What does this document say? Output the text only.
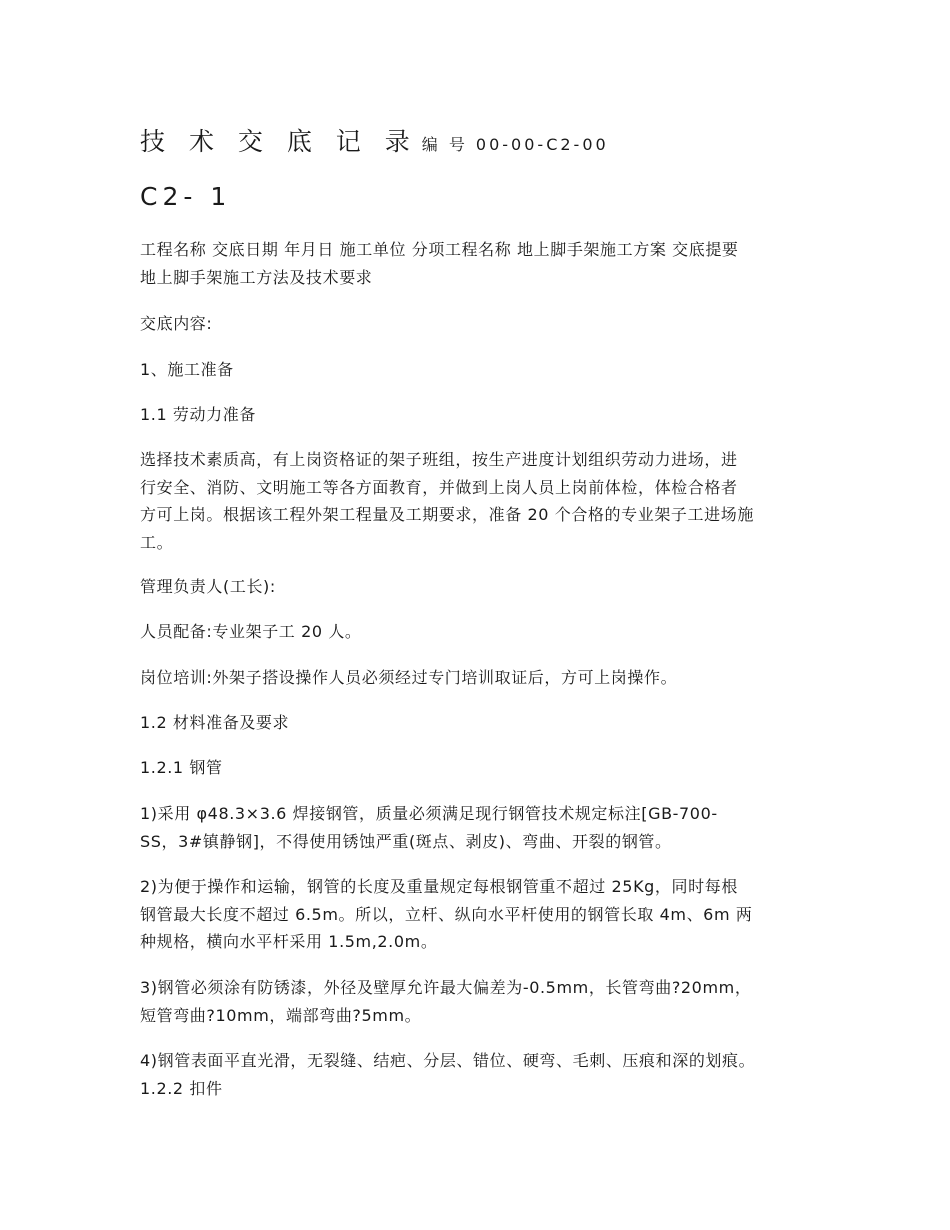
技 术 交 底 记 录 编 号 00-00-C2-00
C2- 1

工程名称 交底日期 年月日 施工单位 分项工程名称 地上脚手架施工方案 交底提要
地上脚手架施工方法及技术要求

交底内容:

1、施工准备

1.1 劳动力准备

选择技术素质高，有上岗资格证的架子班组，按生产进度计划组织劳动力进场，进
行安全、消防、文明施工等各方面教育，并做到上岗人员上岗前体检，体检合格者
方可上岗。根据该工程外架工程量及工期要求，准备 20 个合格的专业架子工进场施
工。

管理负责人(工长):

人员配备:专业架子工 20 人。

岗位培训:外架子搭设操作人员必须经过专门培训取证后，方可上岗操作。

1.2 材料准备及要求

1.2.1 钢管

1)采用 φ48.3×3.6 焊接钢管，质量必须满足现行钢管技术规定标注[GB-700-
SS，3#镇静钢]，不得使用锈蚀严重(斑点、剥皮)、弯曲、开裂的钢管。

2)为便于操作和运输，钢管的长度及重量规定每根钢管重不超过 25Kg，同时每根
钢管最大长度不超过 6.5m。所以，立杆、纵向水平杆使用的钢管长取 4m、6m 两
种规格，横向水平杆采用 1.5m,2.0m。

3)钢管必须涂有防锈漆，外径及壁厚允许最大偏差为-0.5mm，长管弯曲?20mm，
短管弯曲?10mm，端部弯曲?5mm。

4)钢管表面平直光滑，无裂缝、结疤、分层、错位、硬弯、毛刺、压痕和深的划痕。
1.2.2 扣件
